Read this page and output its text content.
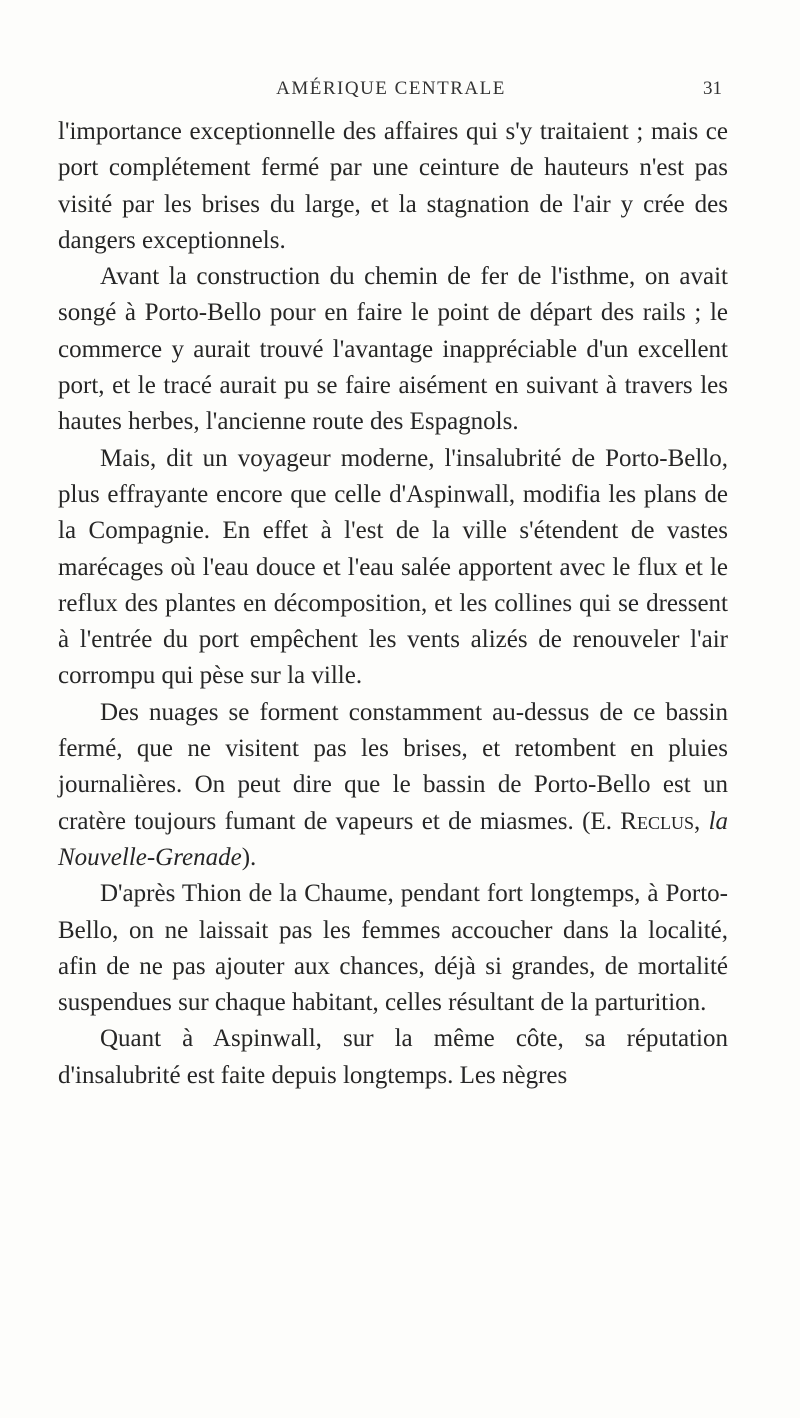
AMÉRIQUE CENTRALE	31

l'importance exceptionnelle des affaires qui s'y traitaient ; mais ce port complétement fermé par une ceinture de hauteurs n'est pas visité par les brises du large, et la stagnation de l'air y crée des dangers exceptionnels.

Avant la construction du chemin de fer de l'isthme, on avait songé à Porto-Bello pour en faire le point de départ des rails ; le commerce y aurait trouvé l'avantage inappréciable d'un excellent port, et le tracé aurait pu se faire aisément en suivant à travers les hautes herbes, l'ancienne route des Espagnols.

Mais, dit un voyageur moderne, l'insalubrité de Porto-Bello, plus effrayante encore que celle d'Aspinwall, modifia les plans de la Compagnie. En effet à l'est de la ville s'étendent de vastes marécages où l'eau douce et l'eau salée apportent avec le flux et le reflux des plantes en décomposition, et les collines qui se dressent à l'entrée du port empêchent les vents alizés de renouveler l'air corrompu qui pèse sur la ville.

Des nuages se forment constamment au-dessus de ce bassin fermé, que ne visitent pas les brises, et retombent en pluies journalières. On peut dire que le bassin de Porto-Bello est un cratère toujours fumant de vapeurs et de miasmes. (E. Reclus, la Nouvelle-Grenade).

D'après Thion de la Chaume, pendant fort longtemps, à Porto-Bello, on ne laissait pas les femmes accoucher dans la localité, afin de ne pas ajouter aux chances, déjà si grandes, de mortalité suspendues sur chaque habitant, celles résultant de la parturition.

Quant à Aspinwall, sur la même côte, sa réputation d'insalubrité est faite depuis longtemps. Les nègres
